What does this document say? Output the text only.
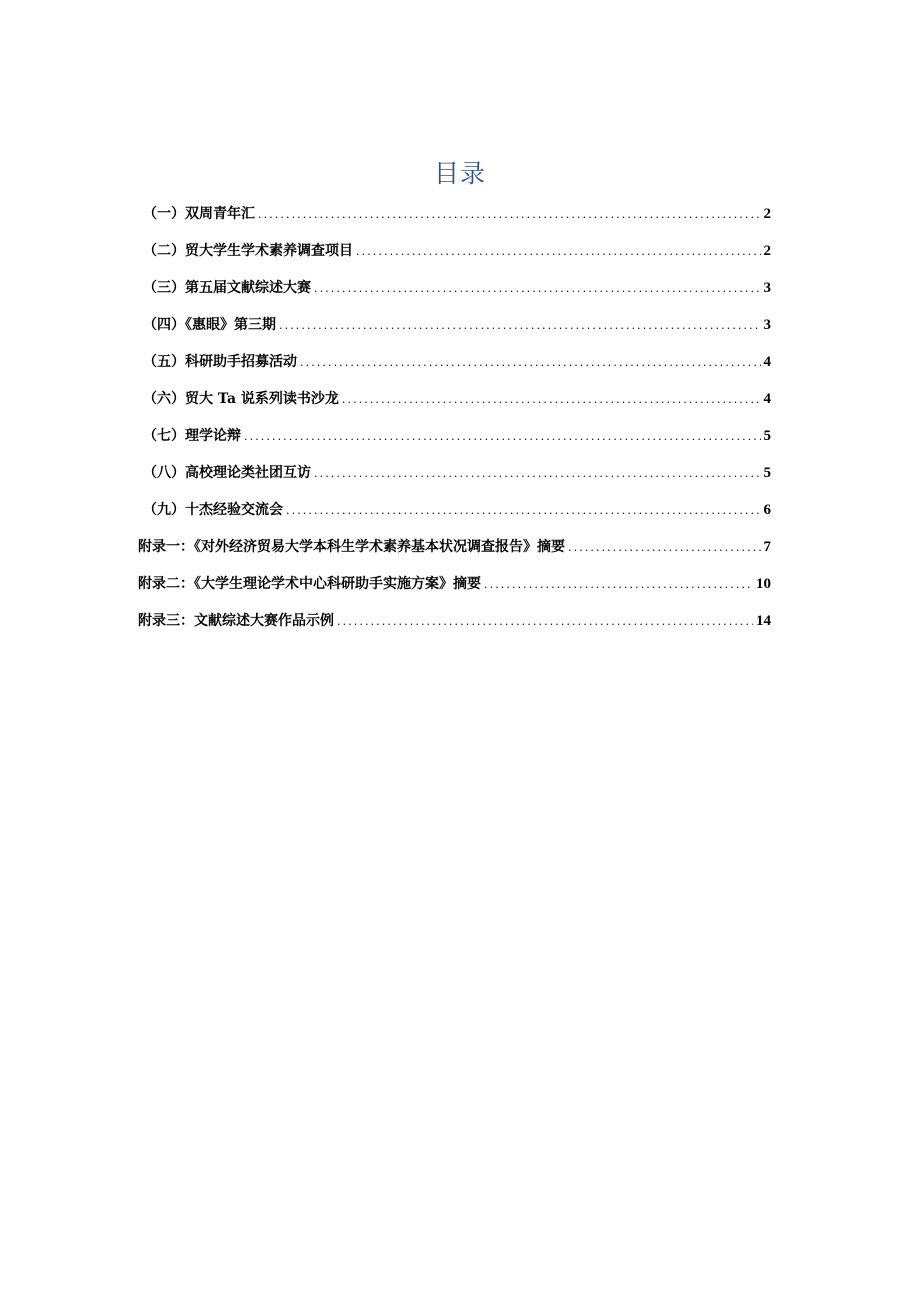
目录
（一）双周青年汇 .....	2
（二）贸大学生学术素养调查项目 .....	2
（三）第五届文献综述大赛 .....	3
（四）《惠眼》第三期 .....	3
（五）科研助手招募活动 .....	4
（六）贸大 Ta 说系列读书沙龙 .....	4
（七）理学论辩 .....	5
（八）高校理论类社团互访 .....	5
（九）十杰经验交流会 .....	6
附录一：《对外经济贸易大学本科生学术素养基本状况调查报告》摘要 .....	7
附录二：《大学生理论学术中心科研助手实施方案》摘要 .....	10
附录三：文献综述大赛作品示例 .....	14
